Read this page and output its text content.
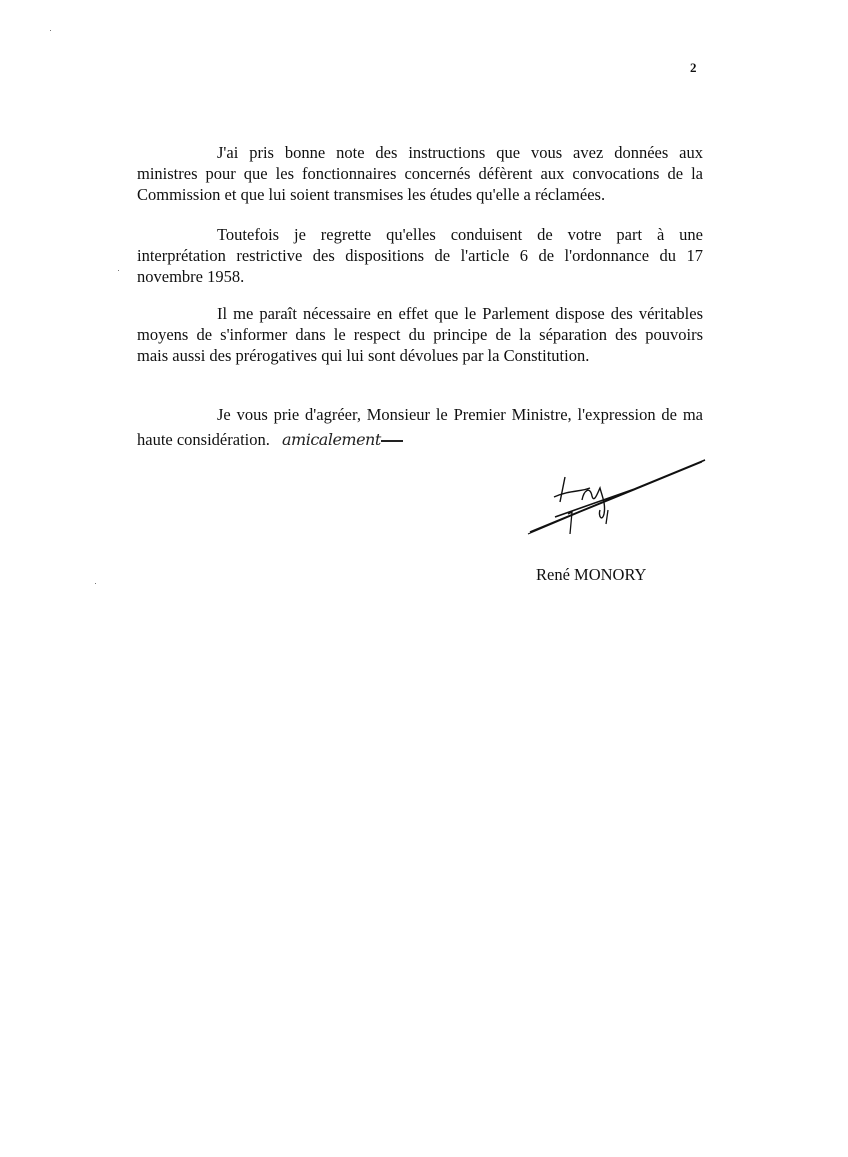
2
J'ai pris bonne note des instructions que vous avez données aux
ministres pour que les fonctionnaires concernés défèrent aux convocations de la
Commission et que lui soient transmises les études qu'elle a réclamées.
Toutefois je regrette qu'elles conduisent de votre part à une
interprétation restrictive des dispositions de l'article 6 de l'ordonnance du 17
novembre 1958.
Il me paraît nécessaire en effet que le Parlement dispose des véritables
moyens de s'informer dans le respect du principe de la séparation des pouvoirs
mais aussi des prérogatives qui lui sont dévolues par la Constitution.
Je vous prie d'agréer, Monsieur le Premier Ministre, l'expression de ma
haute considération. amicalement
René MONORY
